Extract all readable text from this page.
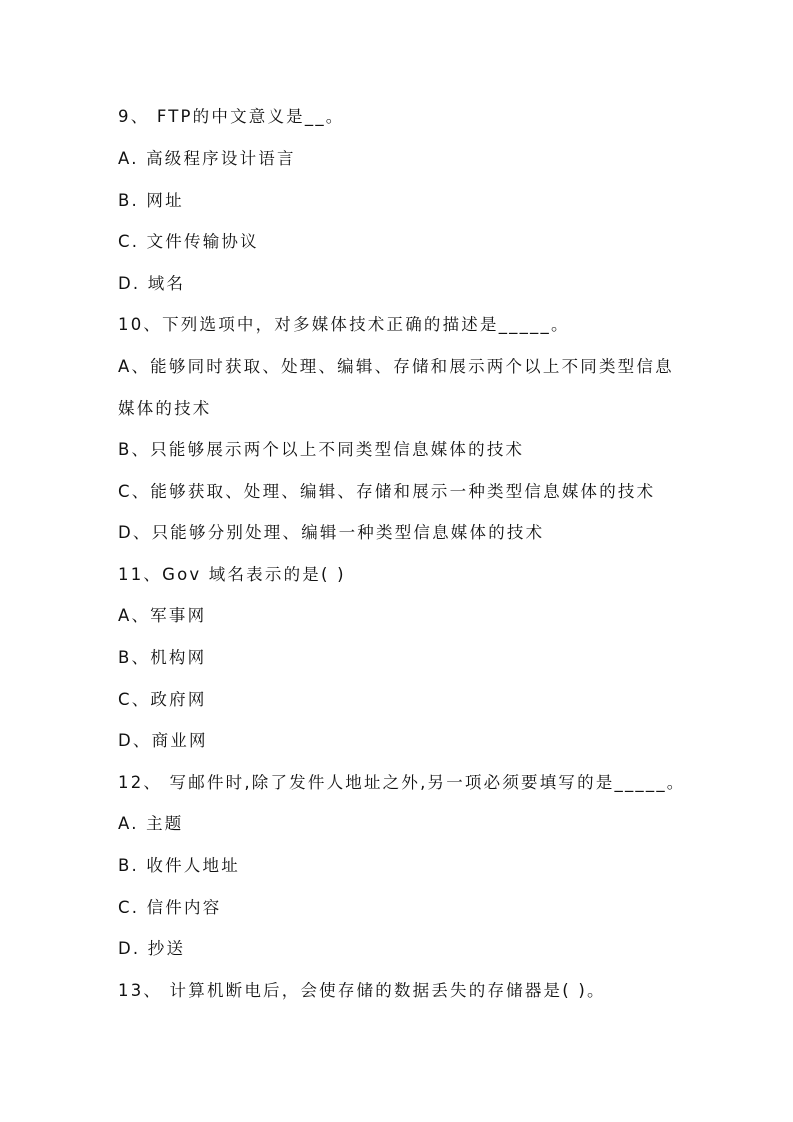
9、 FTP的中文意义是__。
A. 高级程序设计语言
B. 网址
C. 文件传输协议
D. 域名
10、下列选项中，对多媒体技术正确的描述是_____。
A、能够同时获取、处理、编辑、存储和展示两个以上不同类型信息
媒体的技术
B、只能够展示两个以上不同类型信息媒体的技术
C、能够获取、处理、编辑、存储和展示一种类型信息媒体的技术
D、只能够分别处理、编辑一种类型信息媒体的技术
11、Gov 域名表示的是( )
A、军事网
B、机构网
C、政府网
D、商业网
12、 写邮件时,除了发件人地址之外,另一项必须要填写的是_____。
A. 主题
B. 收件人地址
C. 信件内容
D. 抄送
13、 计算机断电后，会使存储的数据丢失的存储器是( )。
